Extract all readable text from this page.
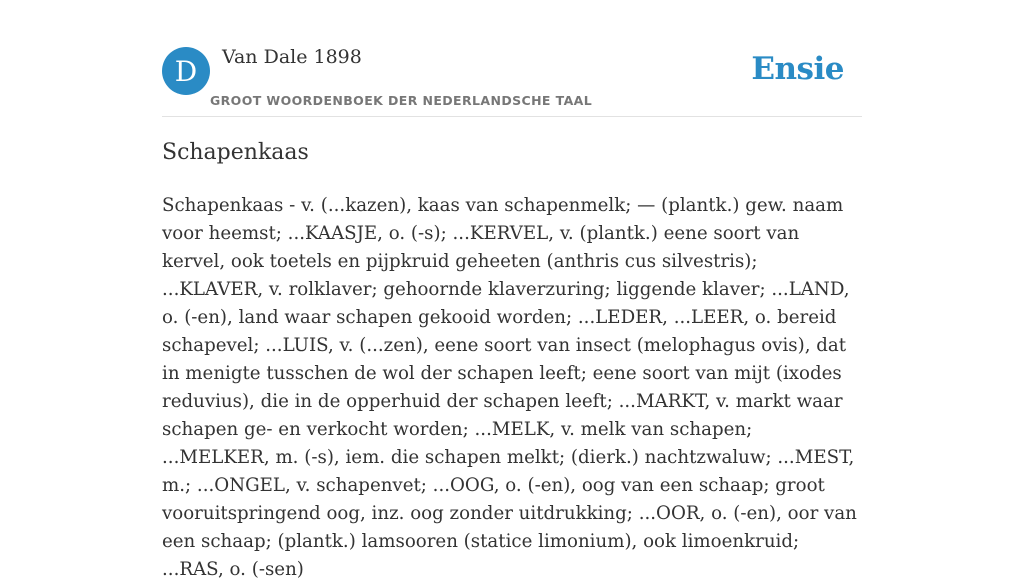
D	Van Dale 1898
GROOT WOORDENBOEK DER NEDERLANDSCHE TAAL
Ensie
Schapenkaas

Schapenkaas - v. (...kazen), kaas van schapenmelk; — (plantk.) gew. naam voor heemst; ...KAASJE, o. (-s); ...KERVEL, v. (plantk.) eene soort van kervel, ook toetels en pijpkruid geheeten (anthris cus silvestris); ...KLAVER, v. rolklaver; gehoornde klaverzuring; liggende klaver; ...LAND, o. (-en), land waar schapen gekooid worden; ...LEDER, ...LEER, o. bereid schapevel; ...LUIS, v. (...zen), eene soort van insect (melophagus ovis), dat in menigte tusschen de wol der schapen leeft; eene soort van mijt (ixodes reduvius), die in de opperhuid der schapen leeft; ...MARKT, v. markt waar schapen ge- en verkocht worden; ...MELK, v. melk van schapen; ...MELKER, m. (-s), iem. die schapen melkt; (dierk.) nachtzwaluw; ...MEST, m.; ...ONGEL, v. schapenvet; ...OOG, o. (-en), oog van een schaap; groot vooruitspringend oog, inz. oog zonder uitdrukking; ...OOR, o. (-en), oor van een schaap; (plantk.) lamsooren (statice limonium), ook limoenkruid; ...RAS, o. (-sen)
